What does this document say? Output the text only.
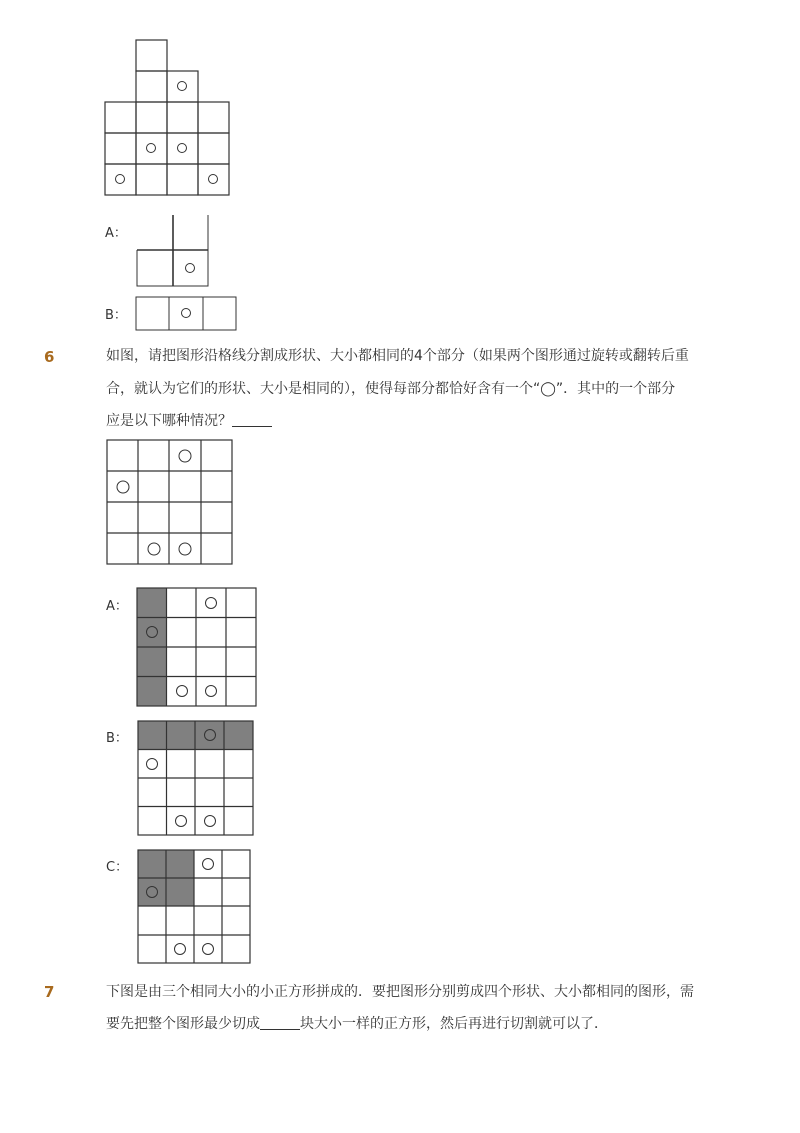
A：
B：
6	如图，请把图形沿格线分割成形状、大小都相同的4个部分（如果两个图形通过旋转或翻转后重
合，就认为它们的形状、大小是相同的），使得每部分都恰好含有一个“◯”．其中的一个部分
应是以下哪种情况？
A：
B：
C：
7	下图是由三个相同大小的小正方形拼成的．要把图形分别剪成四个形状、大小都相同的图形，需
要先把整个图形最少切成	块大小一样的正方形，然后再进行切割就可以了．
